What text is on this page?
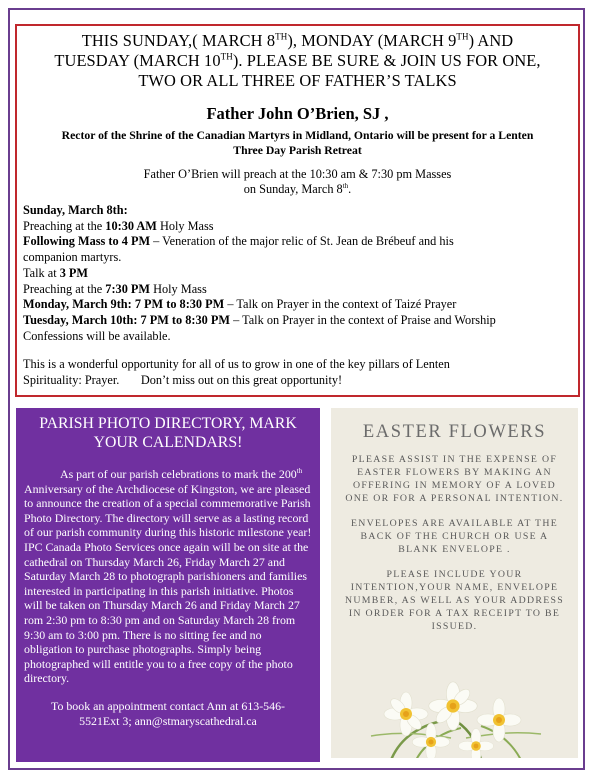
THIS SUNDAY,( MARCH 8TH), MONDAY (MARCH 9TH) AND
TUESDAY (MARCH 10TH). PLEASE BE SURE & JOIN US FOR ONE,
TWO OR ALL THREE OF FATHER’S TALKS
Father John O’Brien, SJ ,
Rector of the Shrine of the Canadian Martyrs in Midland, Ontario will be present for a Lenten
Three Day Parish Retreat
Father O’Brien will preach at the 10:30 am & 7:30 pm Masses
on Sunday, March 8th.
Sunday, March 8th:
Preaching at the 10:30 AM Holy Mass
Following Mass to 4 PM – Veneration of the major relic of St. Jean de Brébeuf and his
companion martyrs.
Talk at 3 PM
Preaching at the 7:30 PM Holy Mass
Monday, March 9th: 7 PM to 8:30 PM – Talk on Prayer in the context of Taizé Prayer
Tuesday, March 10th: 7 PM to 8:30 PM – Talk on Prayer in the context of Praise and Worship
Confessions will be available.
This is a wonderful opportunity for all of us to grow in one of the key pillars of Lenten
Spirituality: Prayer.       Don’t miss out on this great opportunity!
PARISH PHOTO DIRECTORY, MARK
YOUR CALENDARS!

As part of our parish celebrations to mark the 200th Anniversary of the Archdiocese of Kingston, we are pleased to announce the creation of a special commemorative Parish Photo Directory. The directory will serve as a lasting record of our parish community during this historic milestone year! IPC Canada Photo Services once again will be on site at the cathedral on Thursday March 26, Friday March 27 and Saturday March 28 to photograph parishioners and families interested in participating in this parish initiative. Photos will be taken on Thursday March 26 and Friday March 27 rom 2:30 pm to 8:30 pm and on Saturday March 28 from 9:30 am to 3:00 pm. There is no sitting fee and no obligation to purchase photographs. Simply being photographed will entitle you to a free copy of the photo directory.

To book an appointment contact Ann at 613-546-
5521Ext 3; ann@stmaryscathedral.ca
EASTER FLOWERS

PLEASE ASSIST IN THE EXPENSE OF EASTER FLOWERS BY MAKING AN OFFERING IN MEMORY OF A LOVED ONE OR FOR A PERSONAL INTENTION.

ENVELOPES ARE AVAILABLE AT THE BACK OF THE CHURCH OR USE A BLANK ENVELOPE .

PLEASE INCLUDE YOUR INTENTION,YOUR NAME, ENVELOPE NUMBER, AS WELL AS YOUR ADDRESS IN ORDER FOR A TAX RECEIPT TO BE ISSUED.
